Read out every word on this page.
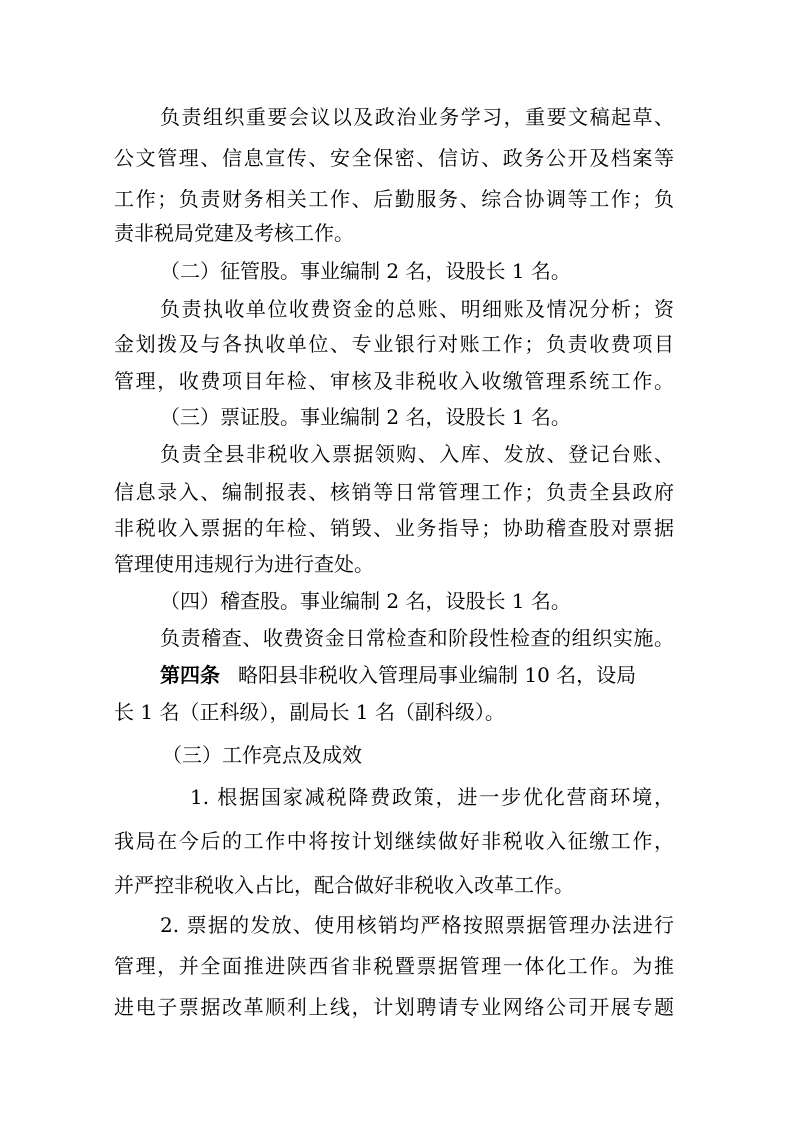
负责组织重要会议以及政治业务学习，重要文稿起草、
公文管理、信息宣传、安全保密、信访、政务公开及档案等
工作；负责财务相关工作、后勤服务、综合协调等工作；负
责非税局党建及考核工作。
（二）征管股。事业编制 2 名，设股长 1 名。
负责执收单位收费资金的总账、明细账及情况分析；资
金划拨及与各执收单位、专业银行对账工作；负责收费项目
管理，收费项目年检、审核及非税收入收缴管理系统工作。
（三）票证股。事业编制 2 名，设股长 1 名。
负责全县非税收入票据领购、入库、发放、登记台账、
信息录入、编制报表、核销等日常管理工作；负责全县政府
非税收入票据的年检、销毁、业务指导；协助稽查股对票据
管理使用违规行为进行查处。
（四）稽查股。事业编制 2 名，设股长 1 名。
负责稽查、收费资金日常检查和阶段性检查的组织实施。
第四条 略阳县非税收入管理局事业编制 10 名，设局
长 1 名（正科级），副局长 1 名（副科级）。
（三）工作亮点及成效
1. 根据国家减税降费政策，进一步优化营商环境，
我局在今后的工作中将按计划继续做好非税收入征缴工作，
并严控非税收入占比，配合做好非税收入改革工作。
2. 票据的发放、使用核销均严格按照票据管理办法进行
管理，并全面推进陕西省非税暨票据管理一体化工作。为推
进电子票据改革顺利上线，计划聘请专业网络公司开展专题
